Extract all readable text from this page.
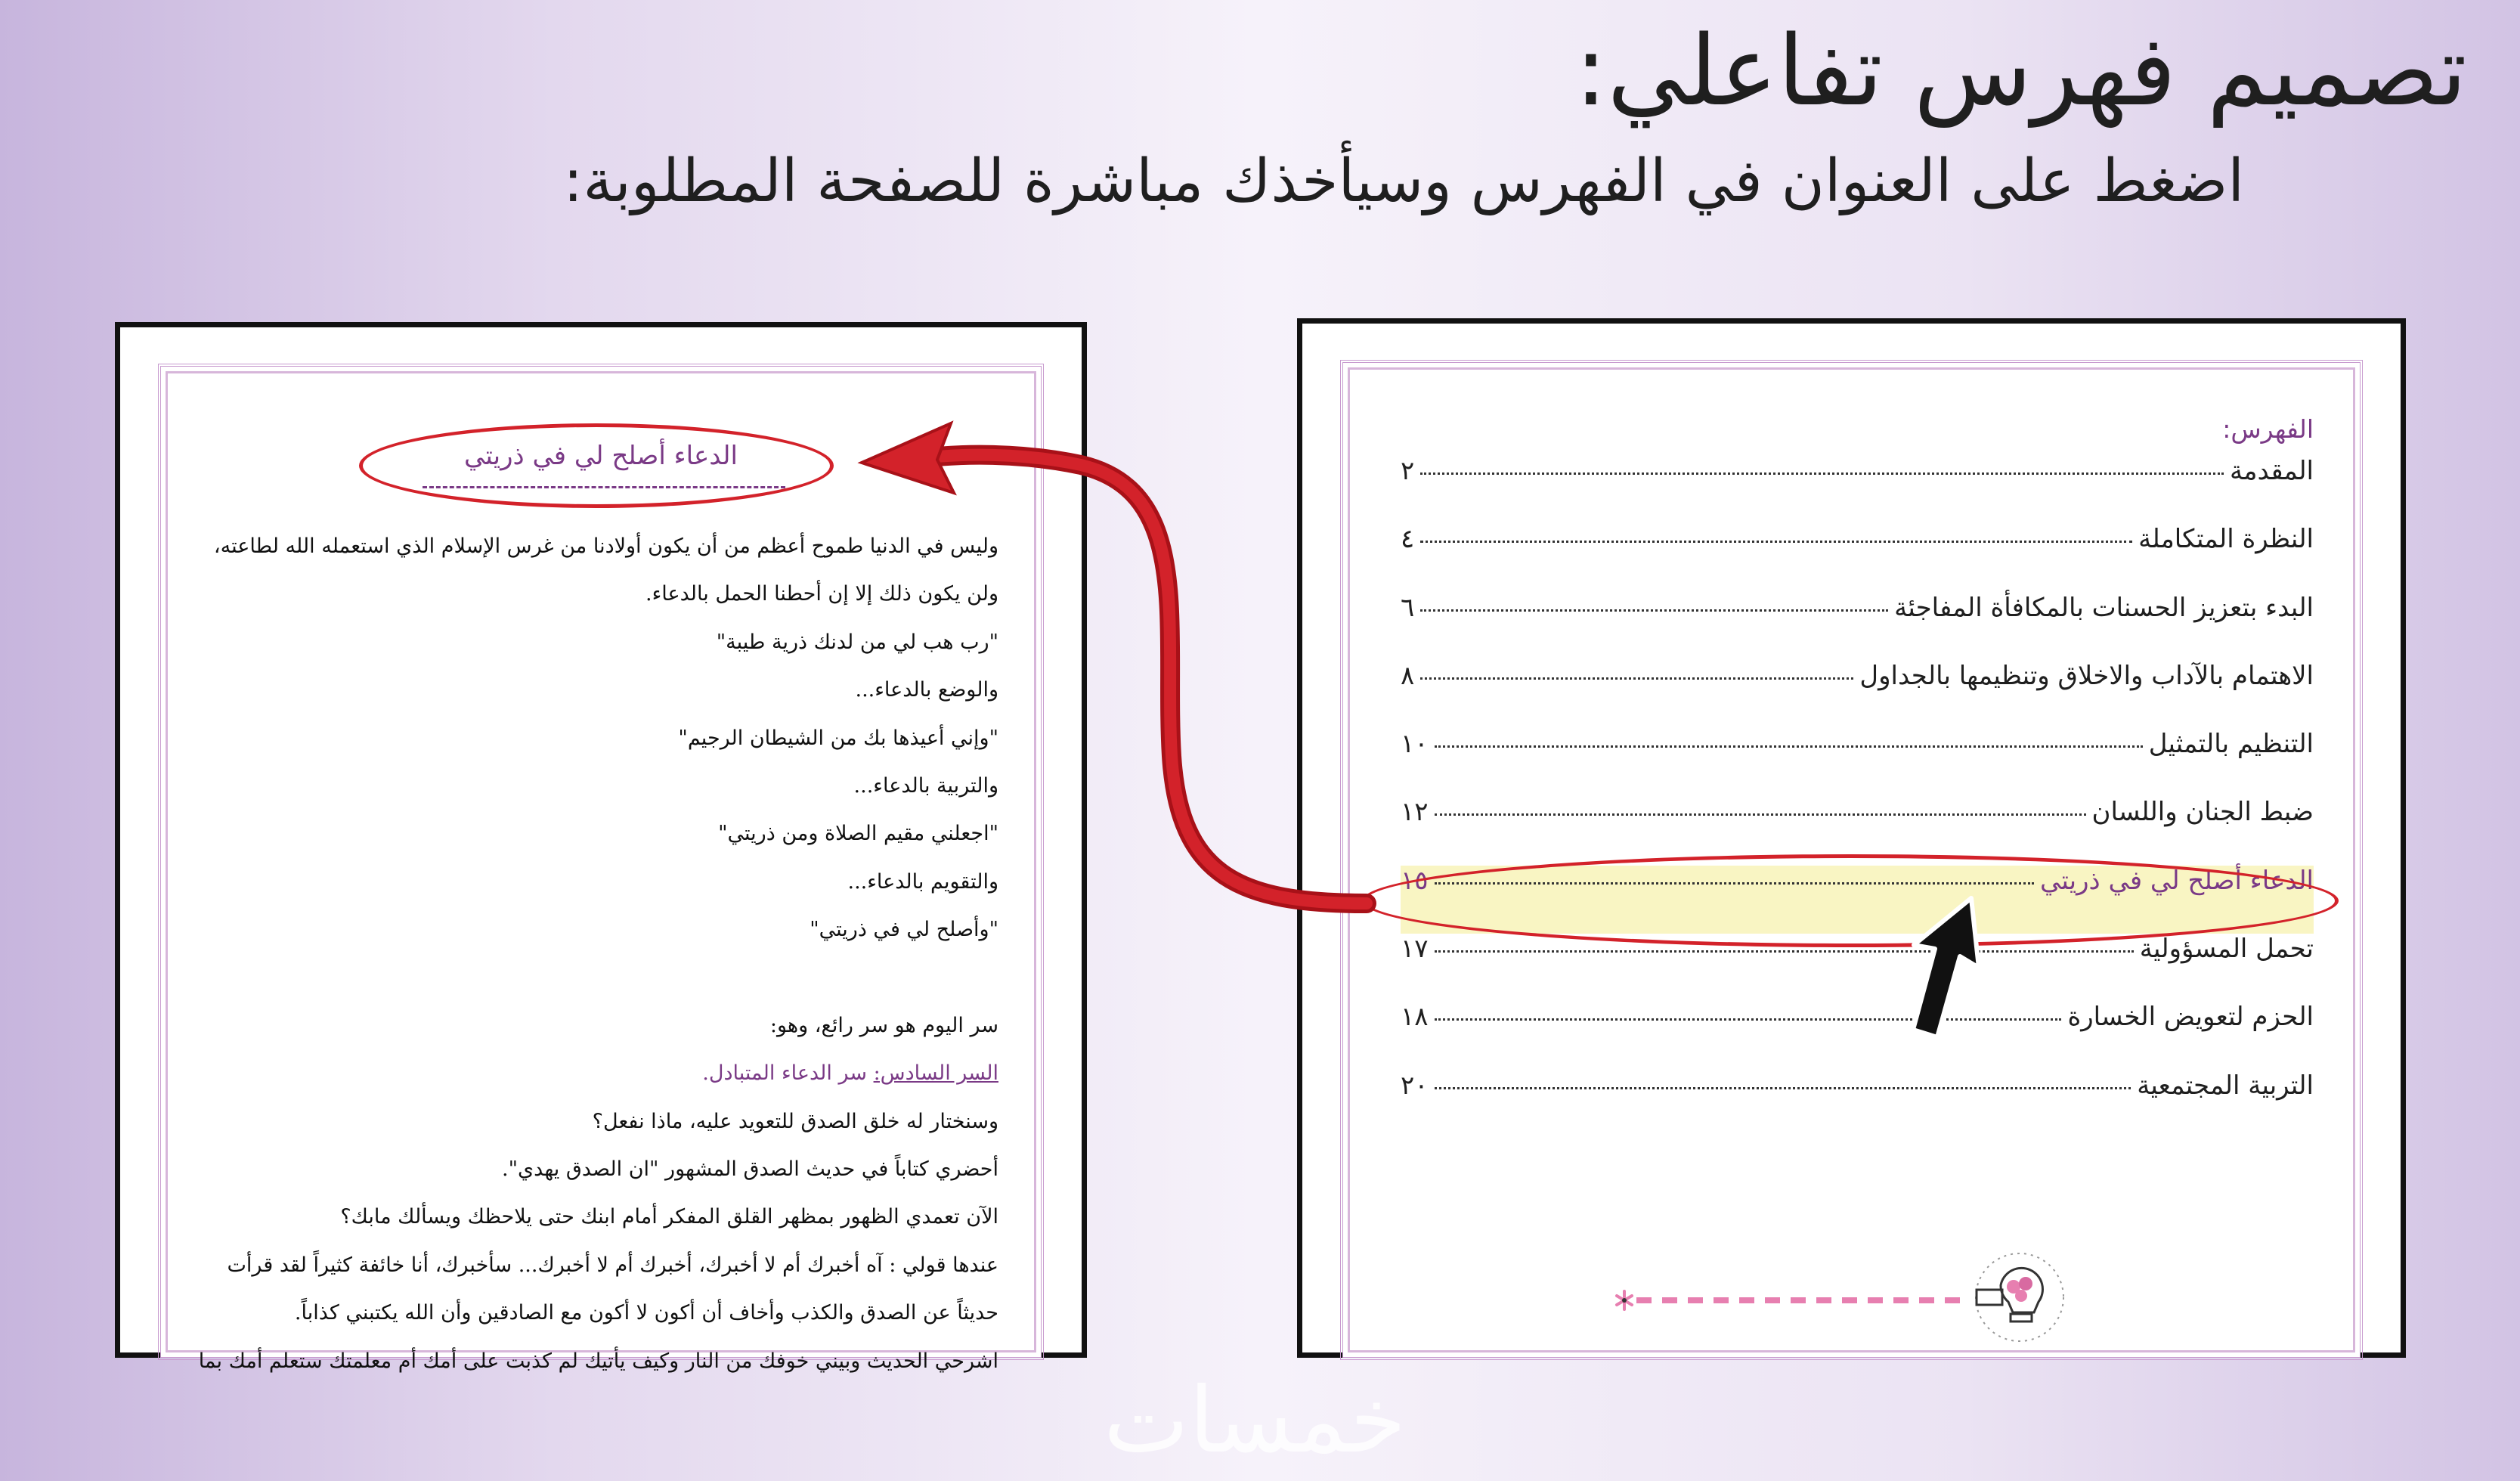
تصميم فهرس تفاعلي:
اضغط على العنوان في الفهرس وسيأخذك مباشرة للصفحة المطلوبة:
الدعاء أصلح لي في ذريتي
وليس في الدنيا طموح أعظم من أن يكون أولادنا من غرس الإسلام الذي استعمله الله لطاعته،
ولن يكون ذلك إلا إن أحطنا الحمل بالدعاء.
"رب هب لي من لدنك ذرية طيبة"
والوضع بالدعاء...
"وإني أعيذها بك من الشيطان الرجيم"
والتربية بالدعاء...
"اجعلني مقيم الصلاة ومن ذريتي"
والتقويم بالدعاء...
"وأصلح لي في ذريتي"
سر اليوم هو سر رائع، وهو:
السر السادس: سر الدعاء المتبادل.
وسنختار له خلق الصدق للتعويد عليه، ماذا نفعل؟
أحضري كتاباً في حديث الصدق المشهور "ان الصدق يهدي".
الآن تعمدي الظهور بمظهر القلق المفكر أمام ابنك حتى يلاحظك ويسألك مابك؟
عندها قولي : آه أخبرك أم لا أخبرك، أخبرك أم لا أخبرك... سأخبرك، أنا خائفة كثيراً لقد قرأت
حديثاً عن الصدق والكذب وأخاف أن أكون لا أكون مع الصادقين وأن الله يكتبني كذاباً.
اشرحي الحديث وبيني خوفك من النار وكيف يأتيك لم كذبت على أمك أم معلمتك ستعلم أمك بما
الفهرس:
المقدمة
٢
النظرة المتكاملة
٤
البدء بتعزيز الحسنات بالمكافأة المفاجئة
٦
الاهتمام بالآداب والاخلاق وتنظيمها بالجداول
٨
التنظيم بالتمثيل
١٠
ضبط الجنان واللسان
١٢
الدعاء أصلح لي في ذريتي
١٥
تحمل المسؤولية
١٧
الحزم لتعويض الخسارة
١٨
التربية المجتمعية
٢٠
خمسات
